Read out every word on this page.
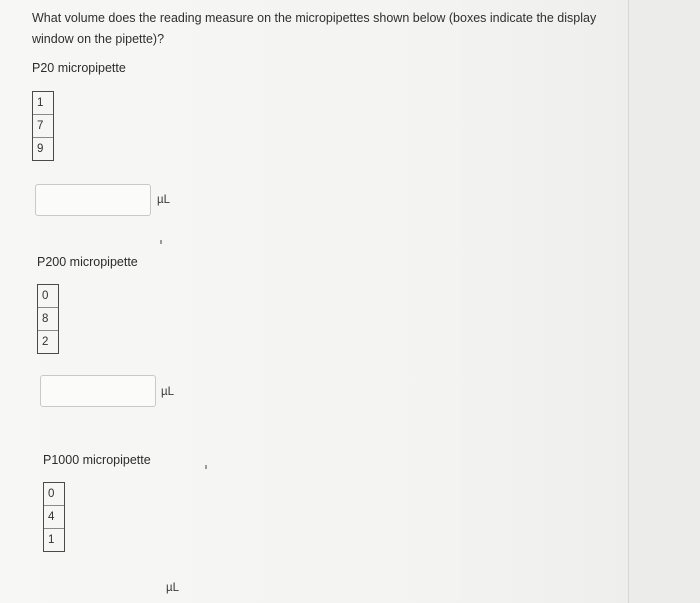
What volume does the reading measure on the micropipettes shown below (boxes indicate the display window on the pipette)?
P20 micropipette
1
7
9
µL
P200 micropipette
0
8
2
µL
P1000 micropipette
0
4
1
µL
